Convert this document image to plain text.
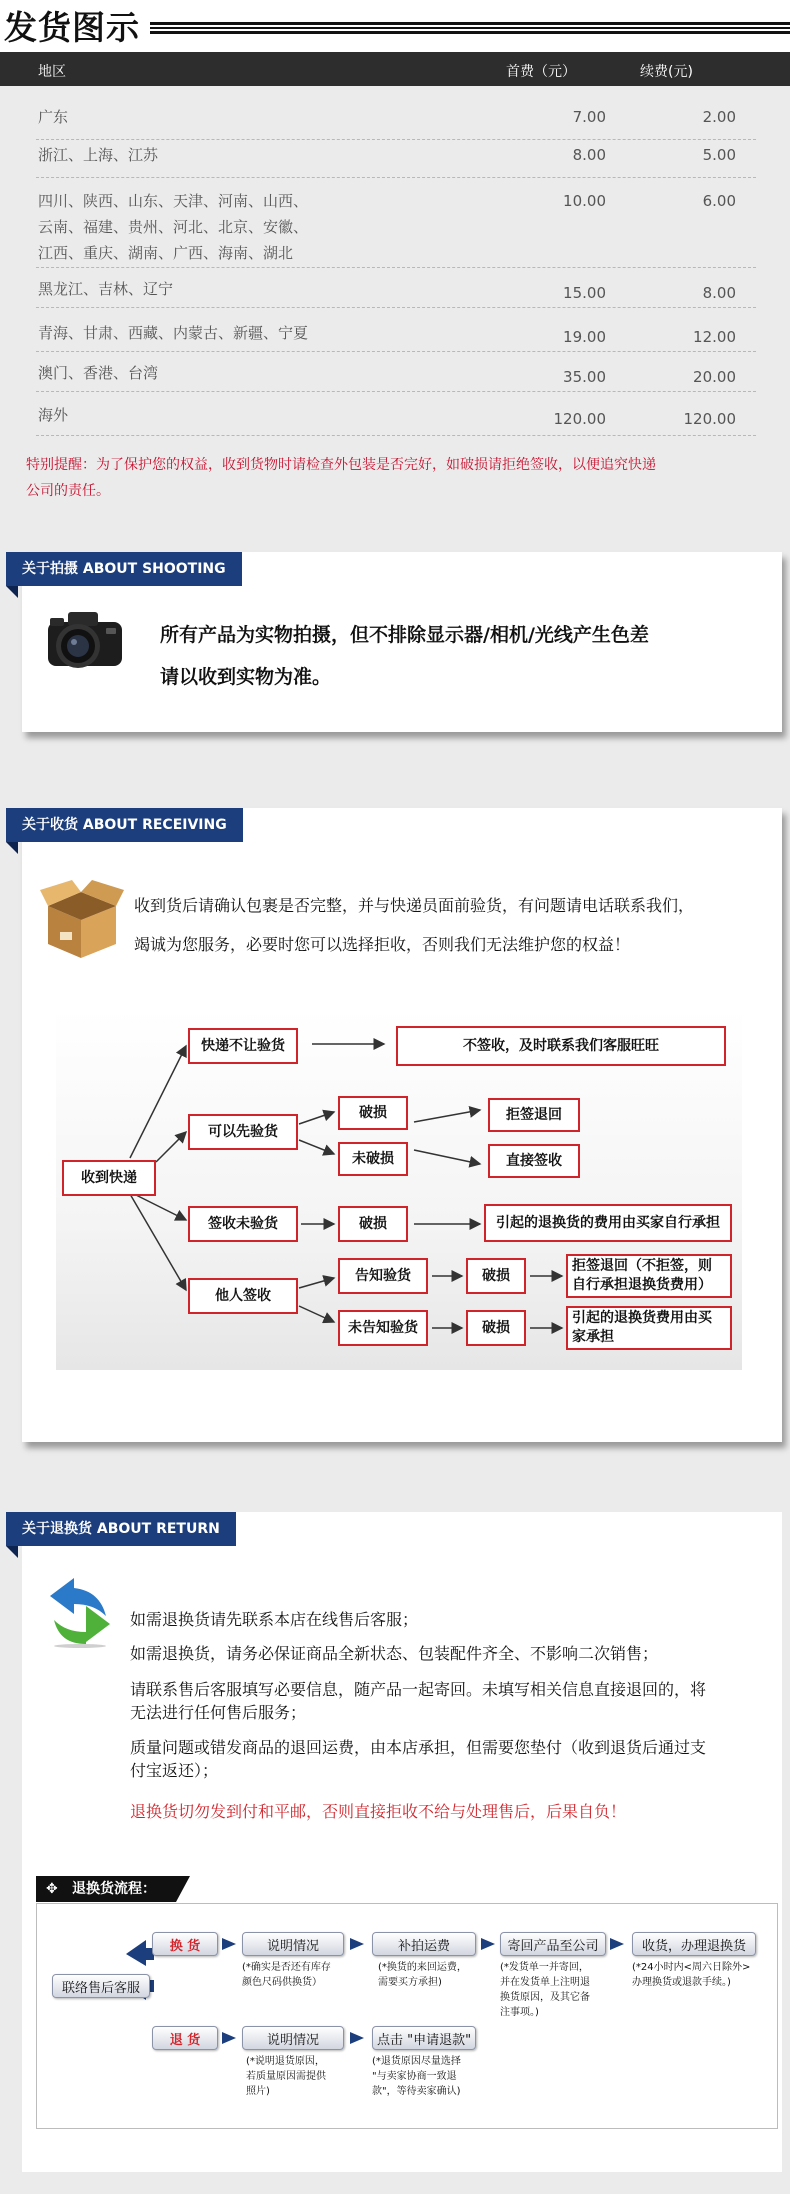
发货图示
地区	首费（元）	续费(元)
广东	7.00	2.00
浙江、上海、江苏	8.00	5.00
四川、陕西、山东、天津、河南、山西、
云南、福建、贵州、河北、北京、安徽、
江西、重庆、湖南、广西、海南、湖北
10.00	6.00
黑龙江、吉林、辽宁	15.00	8.00
青海、甘肃、西藏、内蒙古、新疆、宁夏	19.00	12.00
澳门、香港、台湾	35.00	20.00
海外	120.00	120.00
特别提醒：为了保护您的权益，收到货物时请检查外包装是否完好，如破损请拒绝签收，以便追究快递
公司的责任。
关于拍摄 ABOUT SHOOTING
所有产品为实物拍摄，但不排除显示器/相机/光线产生色差
请以收到实物为准。
关于收货 ABOUT RECEIVING
收到货后请确认包裹是否完整，并与快递员面前验货，有问题请电话联系我们，
竭诚为您服务，必要时您可以选择拒收，否则我们无法维护您的权益！
收到快递
快递不让验货	不签收，及时联系我们客服旺旺
可以先验货
破损
未破损
拒签退回
直接签收
签收未验货	破损	引起的退换货的费用由买家自行承担
他人签收
告知验货
未告知验货
破损
破损
拒签退回（不拒签，则
自行承担退换货费用）
引起的退换货费用由买
家承担
关于退换货 ABOUT RETURN
如需退换货请先联系本店在线售后客服；
如需退换货，请务必保证商品全新状态、包装配件齐全、不影响二次销售；
请联系售后客服填写必要信息，随产品一起寄回。未填写相关信息直接退回的，将
无法进行任何售后服务；
质量问题或错发商品的退回运费，由本店承担，但需要您垫付（收到退货后通过支
付宝返还）；
退换货切勿发到付和平邮，否则直接拒收不给与处理售后，后果自负！
✥ 退换货流程：
联络售后客服
换 货
退 货
说明情况	补拍运费	寄回产品至公司	收货，办理退换货
说明情况	点击 "申请退款"
(*确实是否还有库存
颜色尺码供换货）
(*换货的来回运费，
需要买方承担)
(*发货单一并寄回，
并在发货单上注明退
换货原因，及其它备
注事项。)
(*24小时内<周六日除外>
办理换货或退款手续。)
(*说明退货原因，
若质量原因需提供
照片)
(*退货原因尽量选择
"与卖家协商一致退
款"，等待卖家确认)
